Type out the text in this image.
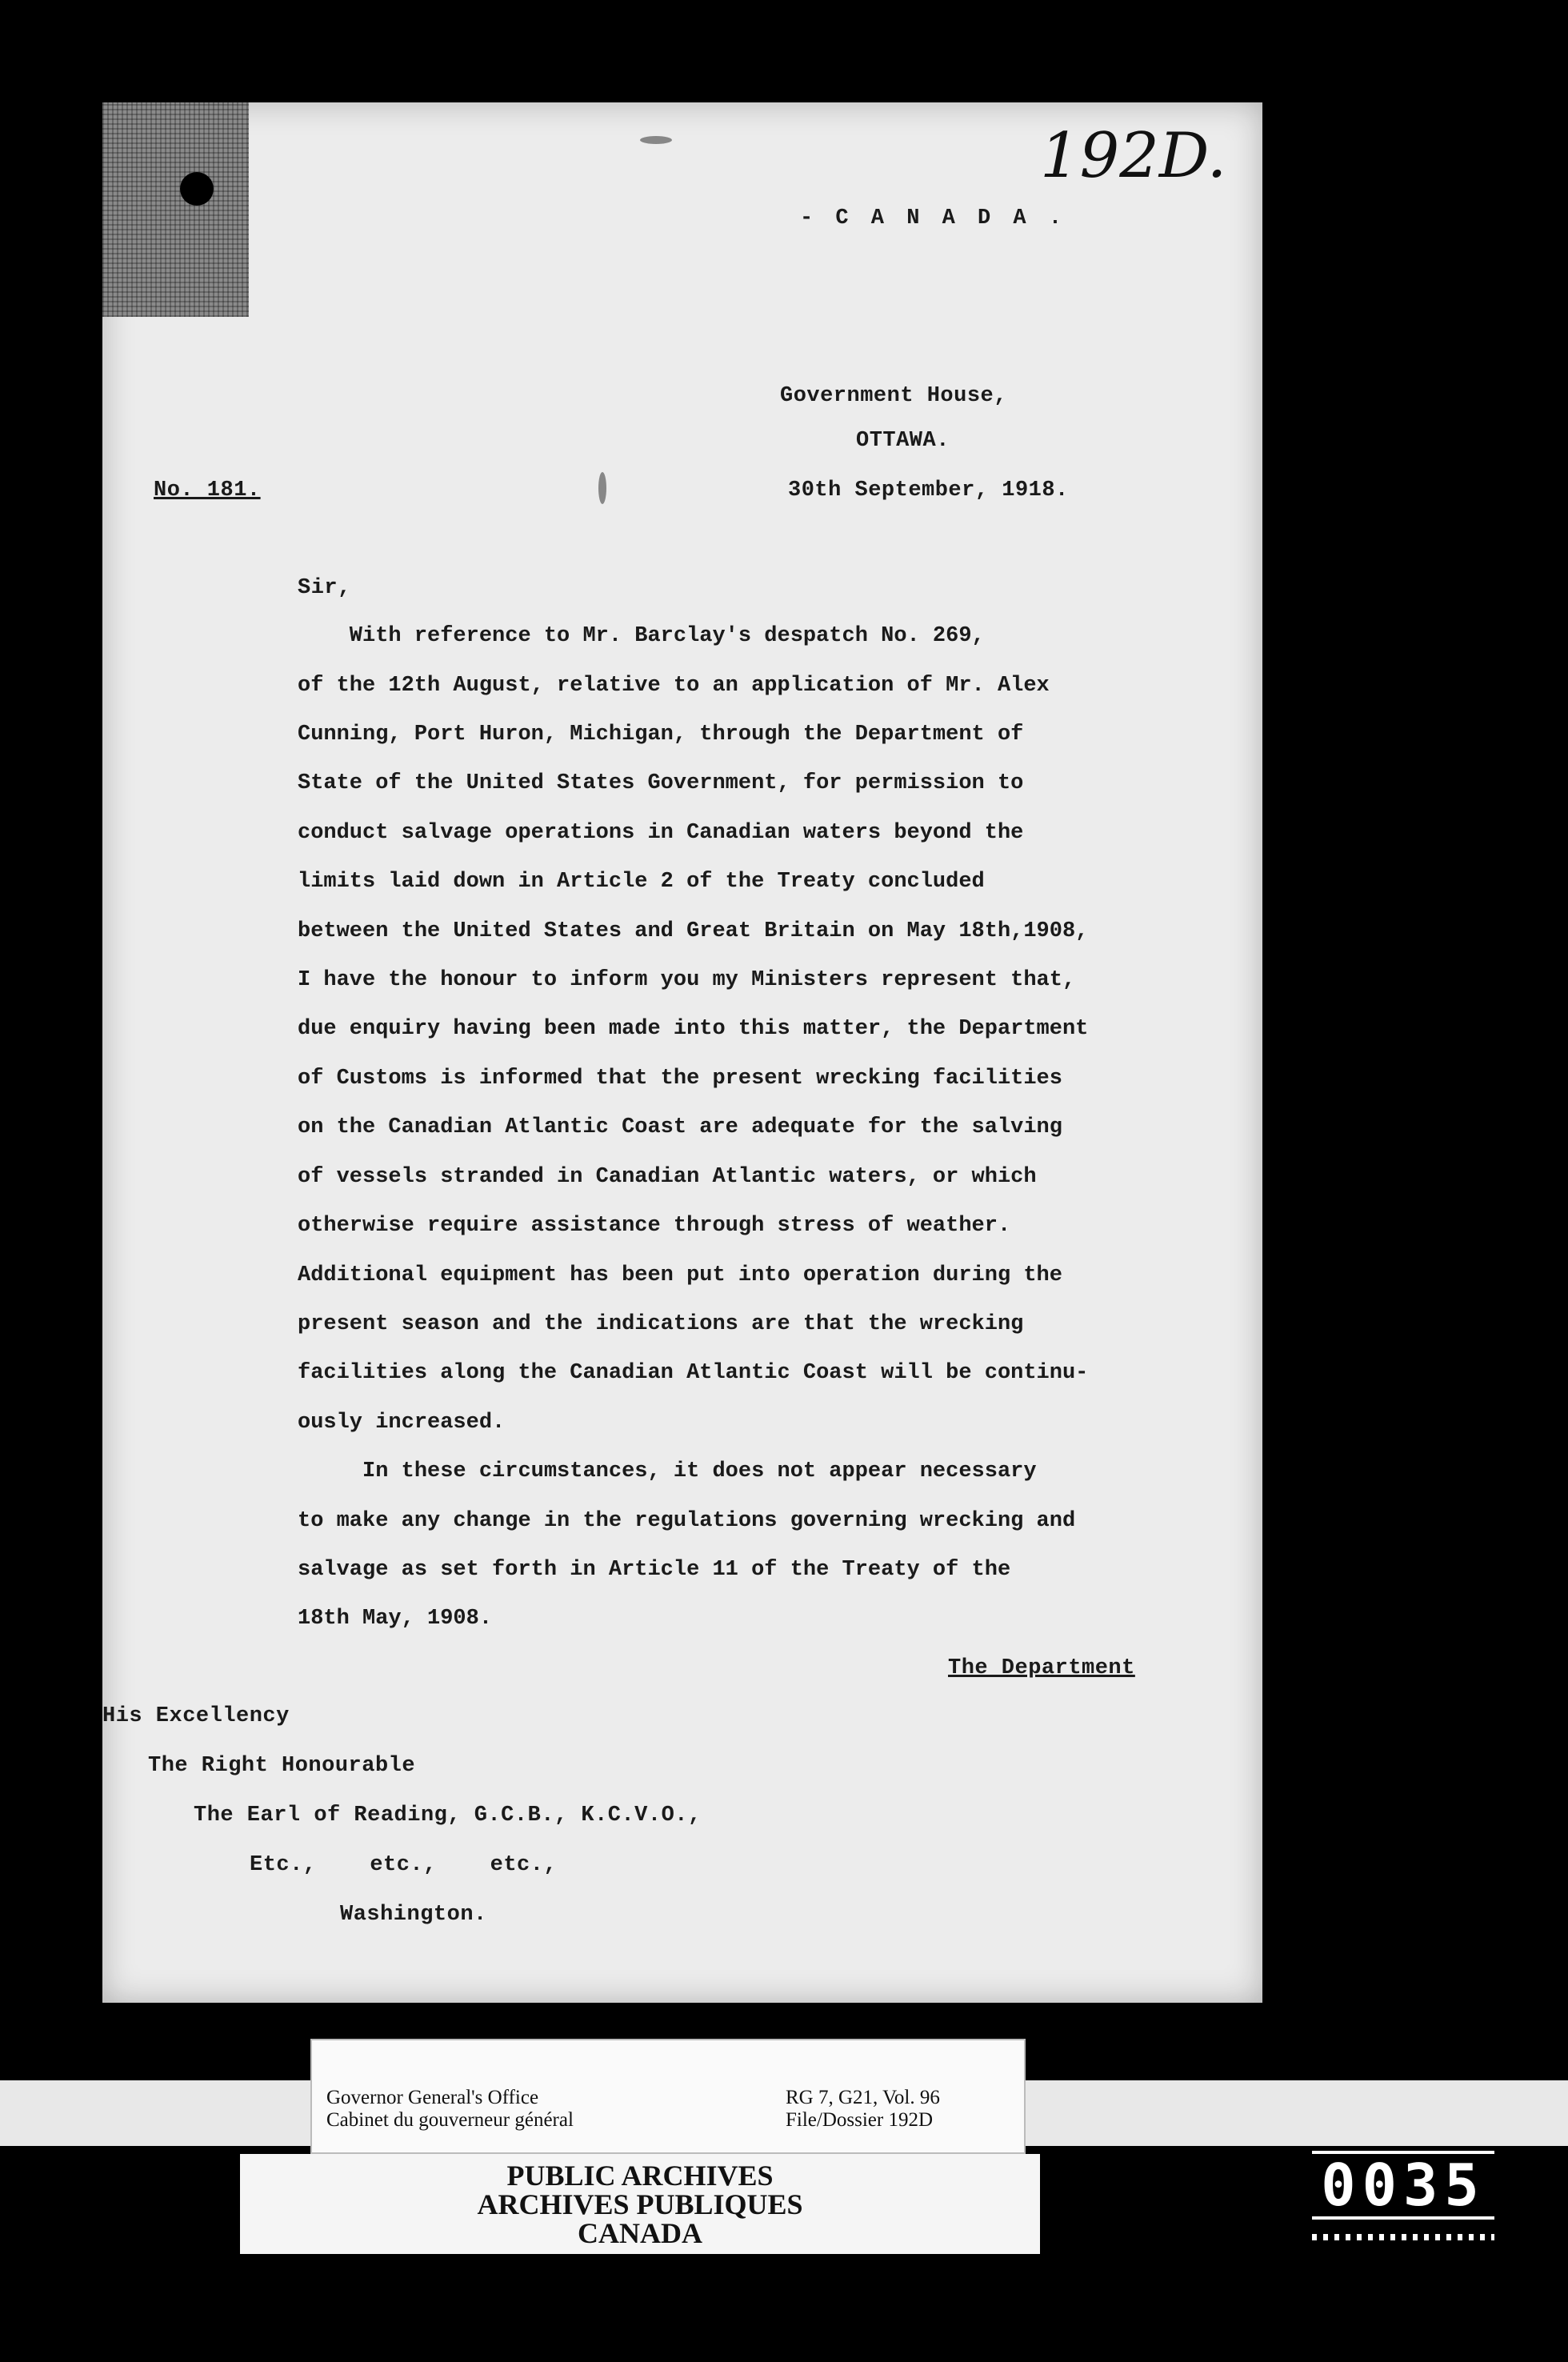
192D.
- C A N A D A .
Government House,
OTTAWA.
No. 181.	30th September, 1918.
Sir,
With reference to Mr. Barclay's despatch No. 269,
of the 12th August, relative to an application of Mr. Alex
Cunning, Port Huron, Michigan, through the Department of
State of the United States Government, for permission to
conduct salvage operations in Canadian waters beyond the
limits laid down in Article 2 of the Treaty concluded
between the United States and Great Britain on May 18th,1908,
I have the honour to inform you my Ministers represent that,
due enquiry having been made into this matter, the Department
of Customs is informed that the present wrecking facilities
on the Canadian Atlantic Coast are adequate for the salving
of vessels stranded in Canadian Atlantic waters, or which
otherwise require assistance through stress of weather.
Additional equipment has been put into operation during the
present season and the indications are that the wrecking
facilities along the Canadian Atlantic Coast will be continu-
ously increased.
In these circumstances, it does not appear necessary
to make any change in the regulations governing wrecking and
salvage as set forth in Article 11 of the Treaty of the
18th May, 1908.
The Department
His Excellency
The Right Honourable
The Earl of Reading, G.C.B., K.C.V.O.,
Etc.,    etc.,    etc.,
Washington.
Governor General's Office
Cabinet du gouverneur général
RG 7, G21, Vol. 96
File/Dossier 192D
PUBLIC ARCHIVES
ARCHIVES PUBLIQUES
CANADA
0035
